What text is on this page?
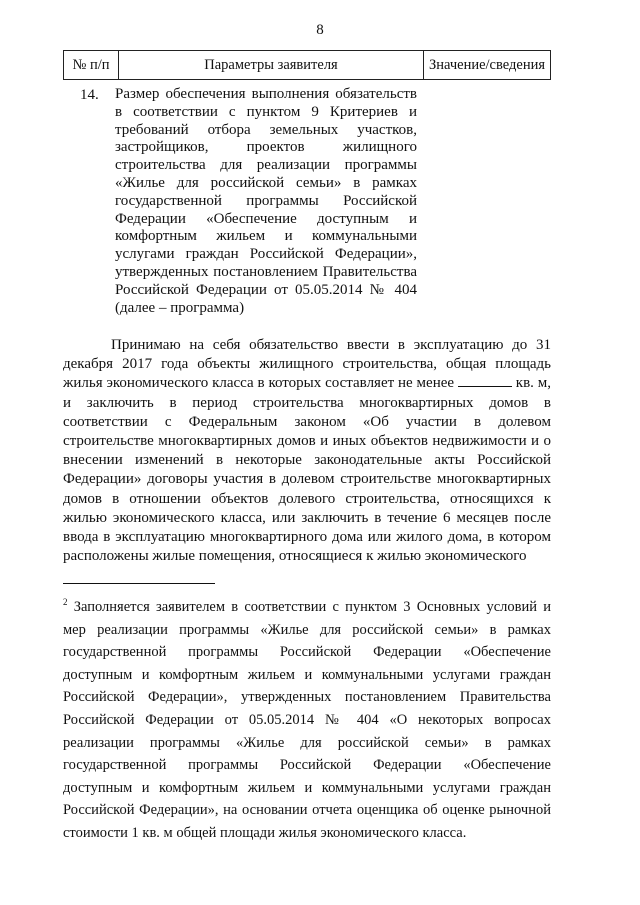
8
№ п/п	Параметры заявителя	Значение/сведения
14. Размер обеспечения выполнения обязательств в соответствии с пунктом 9 Критериев и требований отбора земельных участков, застройщиков, проектов жилищного строительства для реализации программы «Жилье для российской семьи» в рамках государственной программы Российской Федерации «Обеспечение доступным и комфортным жильем и коммунальными услугами граждан Российской Федерации», утвержденных постановлением Правительства Российской Федерации от 05.05.2014 № 404 (далее – программа)
Принимаю на себя обязательство ввести в эксплуатацию до 31 декабря 2017 года объекты жилищного строительства, общая площадь жилья экономического класса в которых составляет не менее	кв. м, и заключить в период строительства многоквартирных домов в соответствии с Федеральным законом «Об участии в долевом строительстве многоквартирных домов и иных объектов недвижимости и о внесении изменений в некоторые законодательные акты Российской Федерации» договоры участия в долевом строительстве многоквартирных домов в отношении объектов долевого строительства, относящихся к жилью экономического класса, или заключить в течение 6 месяцев после ввода в эксплуатацию многоквартирного дома или жилого дома, в котором расположены жилые помещения, относящиеся к жилью экономического
$^2$ Заполняется заявителем в соответствии с пунктом 3 Основных условий и мер реализации программы «Жилье для российской семьи» в рамках государственной программы Российской Федерации «Обеспечение доступным и комфортным жильем и коммунальными услугами граждан Российской Федерации», утвержденных постановлением Правительства Российской Федерации от 05.05.2014 № 404 «О некоторых вопросах реализации программы «Жилье для российской семьи» в рамках государственной программы Российской Федерации «Обеспечение доступным и комфортным жильем и коммунальными услугами граждан Российской Федерации», на основании отчета оценщика об оценке рыночной стоимости 1 кв. м общей площади жилья экономического класса.
